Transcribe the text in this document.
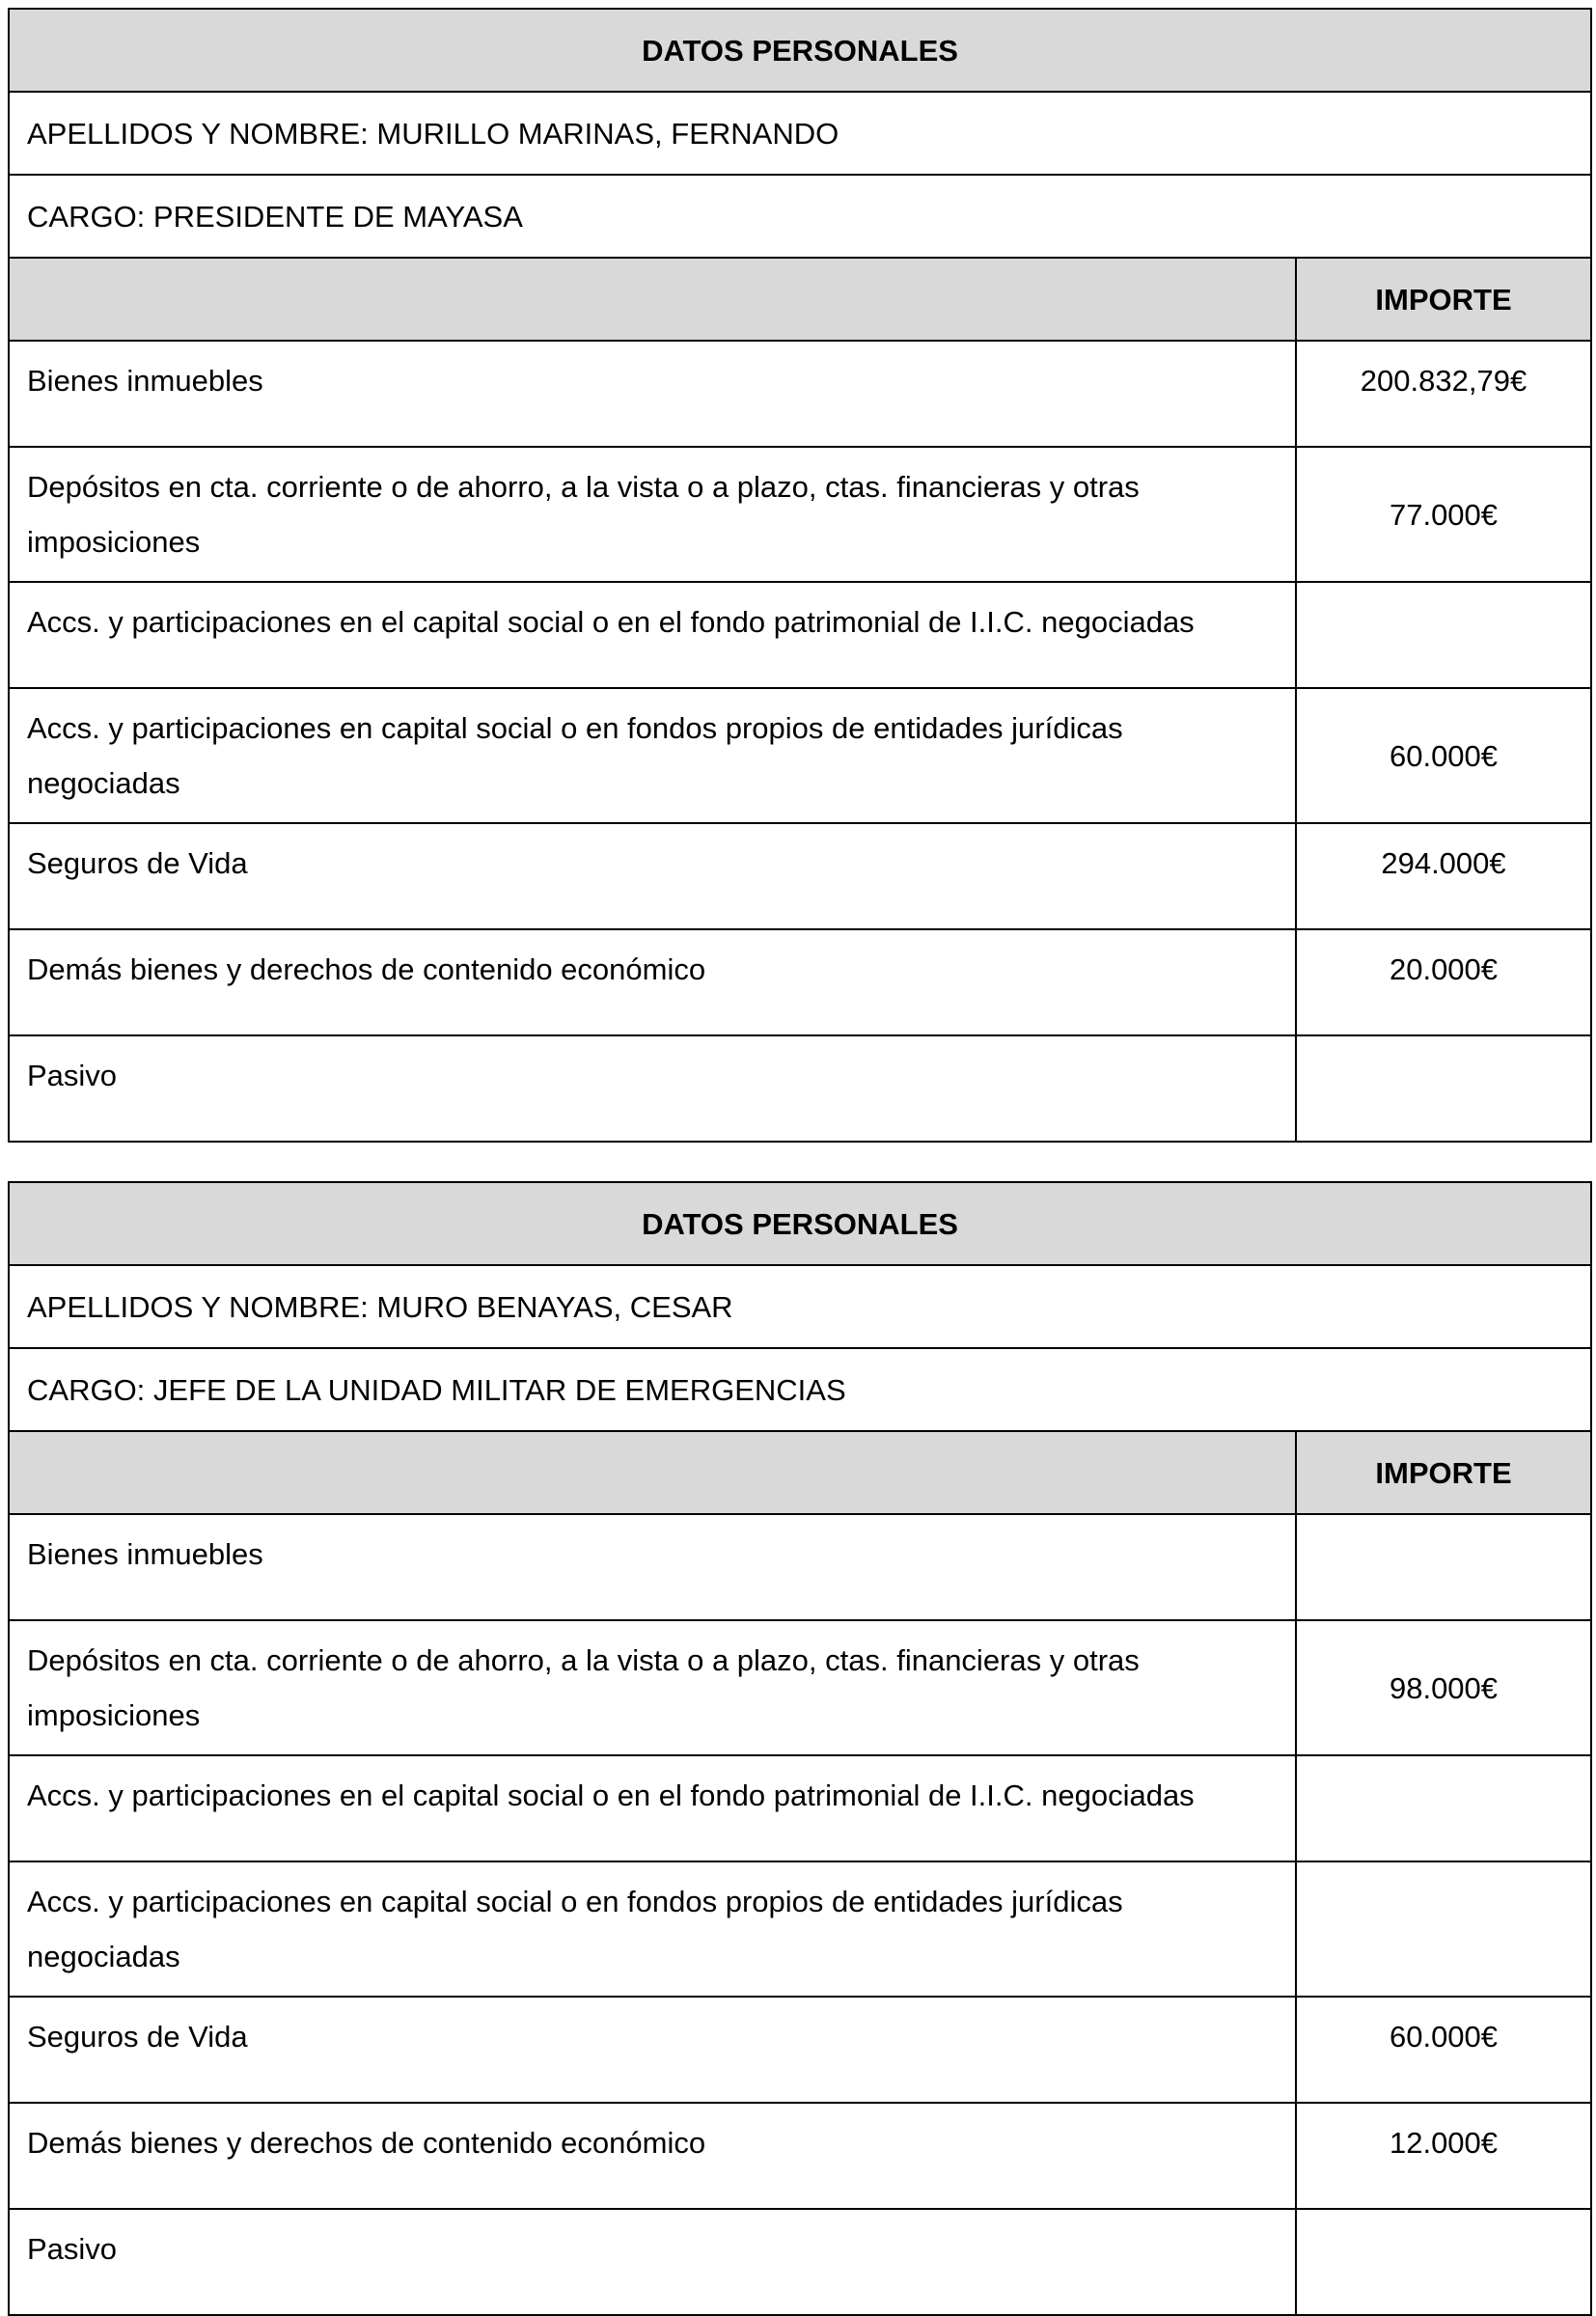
DATOS PERSONALES	
APELLIDOS Y NOMBRE: MURILLO MARINAS, FERNANDO	
CARGO: PRESIDENTE DE MAYASA	
	IMPORTE
Bienes inmuebles	200.832,79€
Depósitos en cta. corriente o de ahorro, a la vista o a plazo, ctas. financieras y otras imposiciones	77.000€
Accs. y participaciones en el capital social o en el fondo patrimonial de I.I.C. negociadas	
Accs. y participaciones en capital social o en fondos propios de entidades jurídicas negociadas	60.000€
Seguros de Vida	294.000€
Demás bienes y derechos de contenido económico	20.000€
Pasivo	
DATOS PERSONALES	
APELLIDOS Y NOMBRE: MURO BENAYAS, CESAR	
CARGO: JEFE DE LA UNIDAD MILITAR DE EMERGENCIAS	
	IMPORTE
Bienes inmuebles	
Depósitos en cta. corriente o de ahorro, a la vista o a plazo, ctas. financieras y otras imposiciones	98.000€
Accs. y participaciones en el capital social o en el fondo patrimonial de I.I.C. negociadas	
Accs. y participaciones en capital social o en fondos propios de entidades jurídicas negociadas	
Seguros de Vida	60.000€
Demás bienes y derechos de contenido económico	12.000€
Pasivo	
